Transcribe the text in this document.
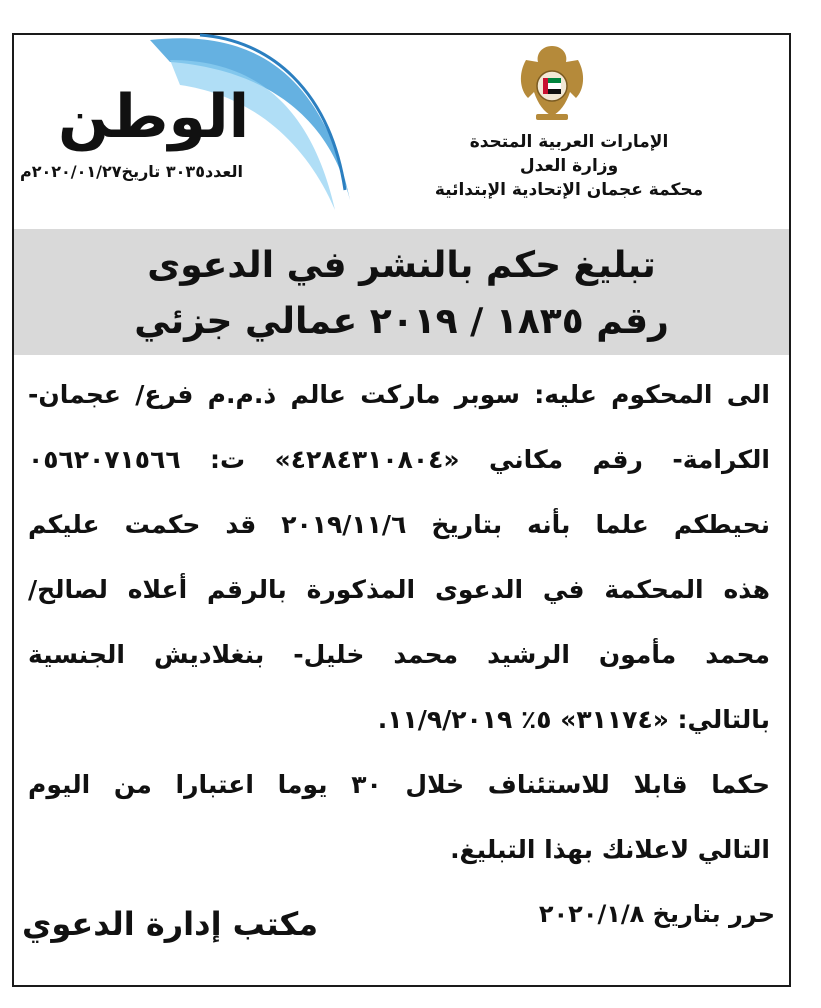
الوطن
العدد٣٠٣٥ تاريخ٢٠٢٠/٠١/٢٧م
الإمارات العربية المتحدة
وزارة العدل
محكمة عجمان الإتحادية الإبتدائية
تبليغ حكم بالنشر في الدعوى
رقم ١٨٣٥ / ٢٠١٩ عمالي جزئي
الى المحكوم عليه: سوبر ماركت عالم ذ.م.م فرع/ عجمان-
الكرامة- رقم مكاني «٤٢٨٤٣١٠٨٠٤» ت: ٠٥٦٢٠٧١٥٦٦
نحيطكم علما بأنه بتاريخ ٢٠١٩/١١/٦ قد حكمت عليكم
هذه المحكمة في الدعوى المذكورة بالرقم أعلاه لصالح/
محمد مأمون الرشيد محمد خليل- بنغلاديش الجنسية
بالتالي: «٣١١٧٤» ٥٪ ١١/٩/٢٠١٩.
حكما قابلا للاستئناف خلال ٣٠ يوما اعتبارا من اليوم
التالي لاعلانك بهذا التبليغ.
حرر بتاريخ ٢٠٢٠/١/٨
مكتب إدارة الدعوي
